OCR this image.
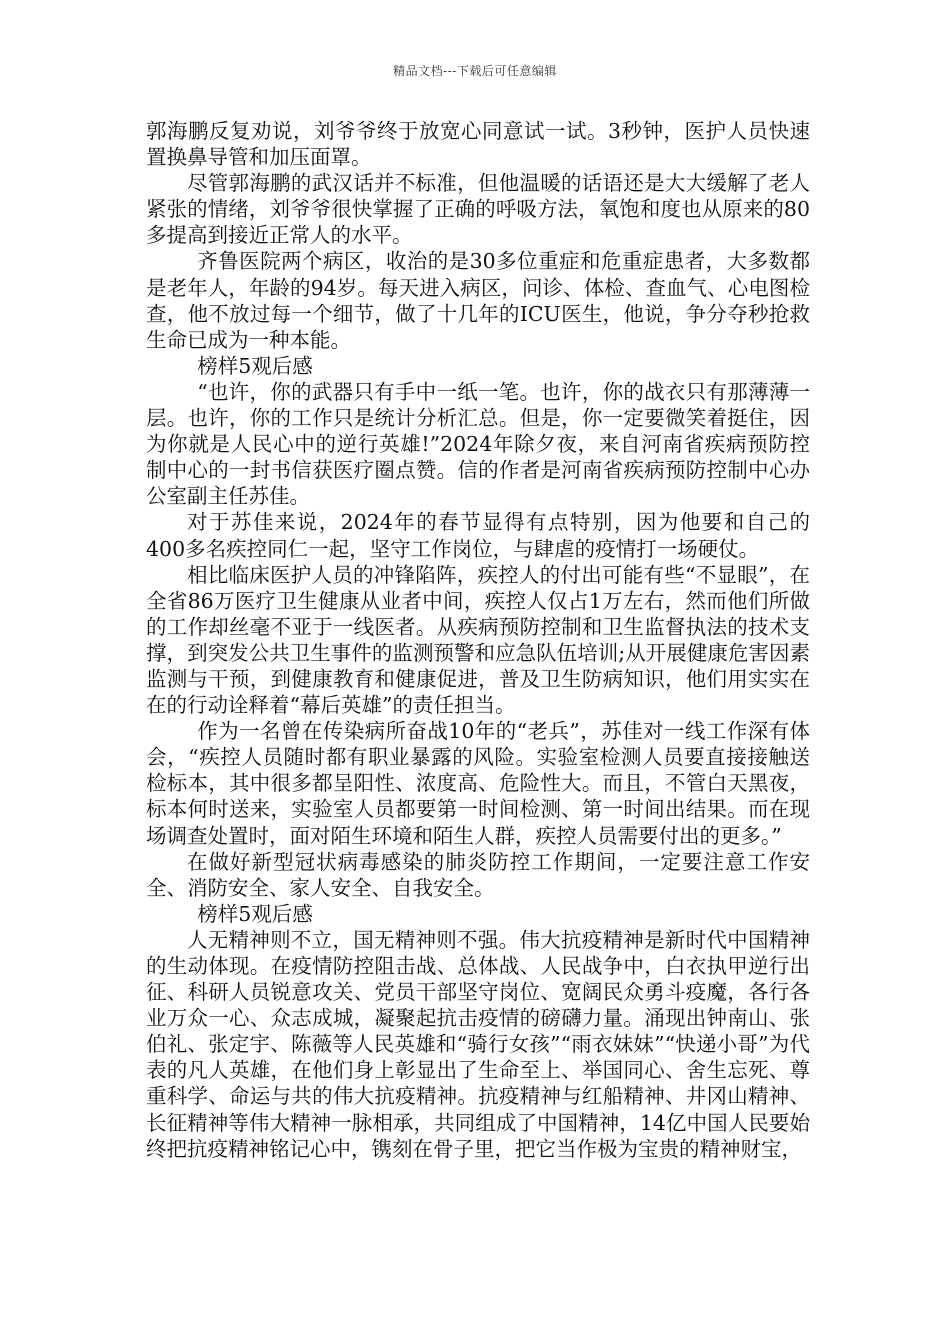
精品文档---下载后可任意编辑

郭海鹏反复劝说，刘爷爷终于放宽心同意试一试。3秒钟，医护人员快速置换鼻导管和加压面罩。

尽管郭海鹏的武汉话并不标准，但他温暖的话语还是大大缓解了老人紧张的情绪，刘爷爷很快掌握了正确的呼吸方法，氧饱和度也从原来的80多提高到接近正常人的水平。

齐鲁医院两个病区，收治的是30多位重症和危重症患者，大多数都是老年人，年龄的94岁。每天进入病区，问诊、体检、查血气、心电图检查，他不放过每一个细节，做了十几年的ICU医生，他说，争分夺秒抢救生命已成为一种本能。

榜样5观后感

“也许，你的武器只有手中一纸一笔。也许，你的战衣只有那薄薄一层。也许，你的工作只是统计分析汇总。但是，你一定要微笑着挺住，因为你就是人民心中的逆行英雄!”2024年除夕夜，来自河南省疾病预防控制中心的一封书信获医疗圈点赞。信的作者是河南省疾病预防控制中心办公室副主任苏佳。

对于苏佳来说，2024年的春节显得有点特别，因为他要和自己的400多名疾控同仁一起，坚守工作岗位，与肆虐的疫情打一场硬仗。

相比临床医护人员的冲锋陷阵，疾控人的付出可能有些“不显眼”，在全省86万医疗卫生健康从业者中间，疾控人仅占1万左右，然而他们所做的工作却丝毫不亚于一线医者。从疾病预防控制和卫生监督执法的技术支撑，到突发公共卫生事件的监测预警和应急队伍培训;从开展健康危害因素监测与干预，到健康教育和健康促进，普及卫生防病知识，他们用实实在在的行动诠释着“幕后英雄”的责任担当。

作为一名曾在传染病所奋战10年的“老兵”，苏佳对一线工作深有体会，“疾控人员随时都有职业暴露的风险。实验室检测人员要直接接触送检标本，其中很多都呈阳性、浓度高、危险性大。而且，不管白天黑夜，标本何时送来，实验室人员都要第一时间检测、第一时间出结果。而在现场调查处置时，面对陌生环境和陌生人群，疾控人员需要付出的更多。”

在做好新型冠状病毒感染的肺炎防控工作期间，一定要注意工作安全、消防安全、家人安全、自我安全。

榜样5观后感

人无精神则不立，国无精神则不强。伟大抗疫精神是新时代中国精神的生动体现。在疫情防控阻击战、总体战、人民战争中，白衣执甲逆行出征、科研人员锐意攻关、党员干部坚守岗位、宽阔民众勇斗疫魔，各行各业万众一心、众志成城，凝聚起抗击疫情的磅礴力量。涌现出钟南山、张伯礼、张定宇、陈薇等人民英雄和“骑行女孩”“雨衣妹妹”“快递小哥”为代表的凡人英雄，在他们身上彰显出了生命至上、举国同心、舍生忘死、尊重科学、命运与共的伟大抗疫精神。抗疫精神与红船精神、井冈山精神、长征精神等伟大精神一脉相承，共同组成了中国精神，14亿中国人民要始终把抗疫精神铭记心中，镌刻在骨子里，把它当作极为宝贵的精神财宝，
